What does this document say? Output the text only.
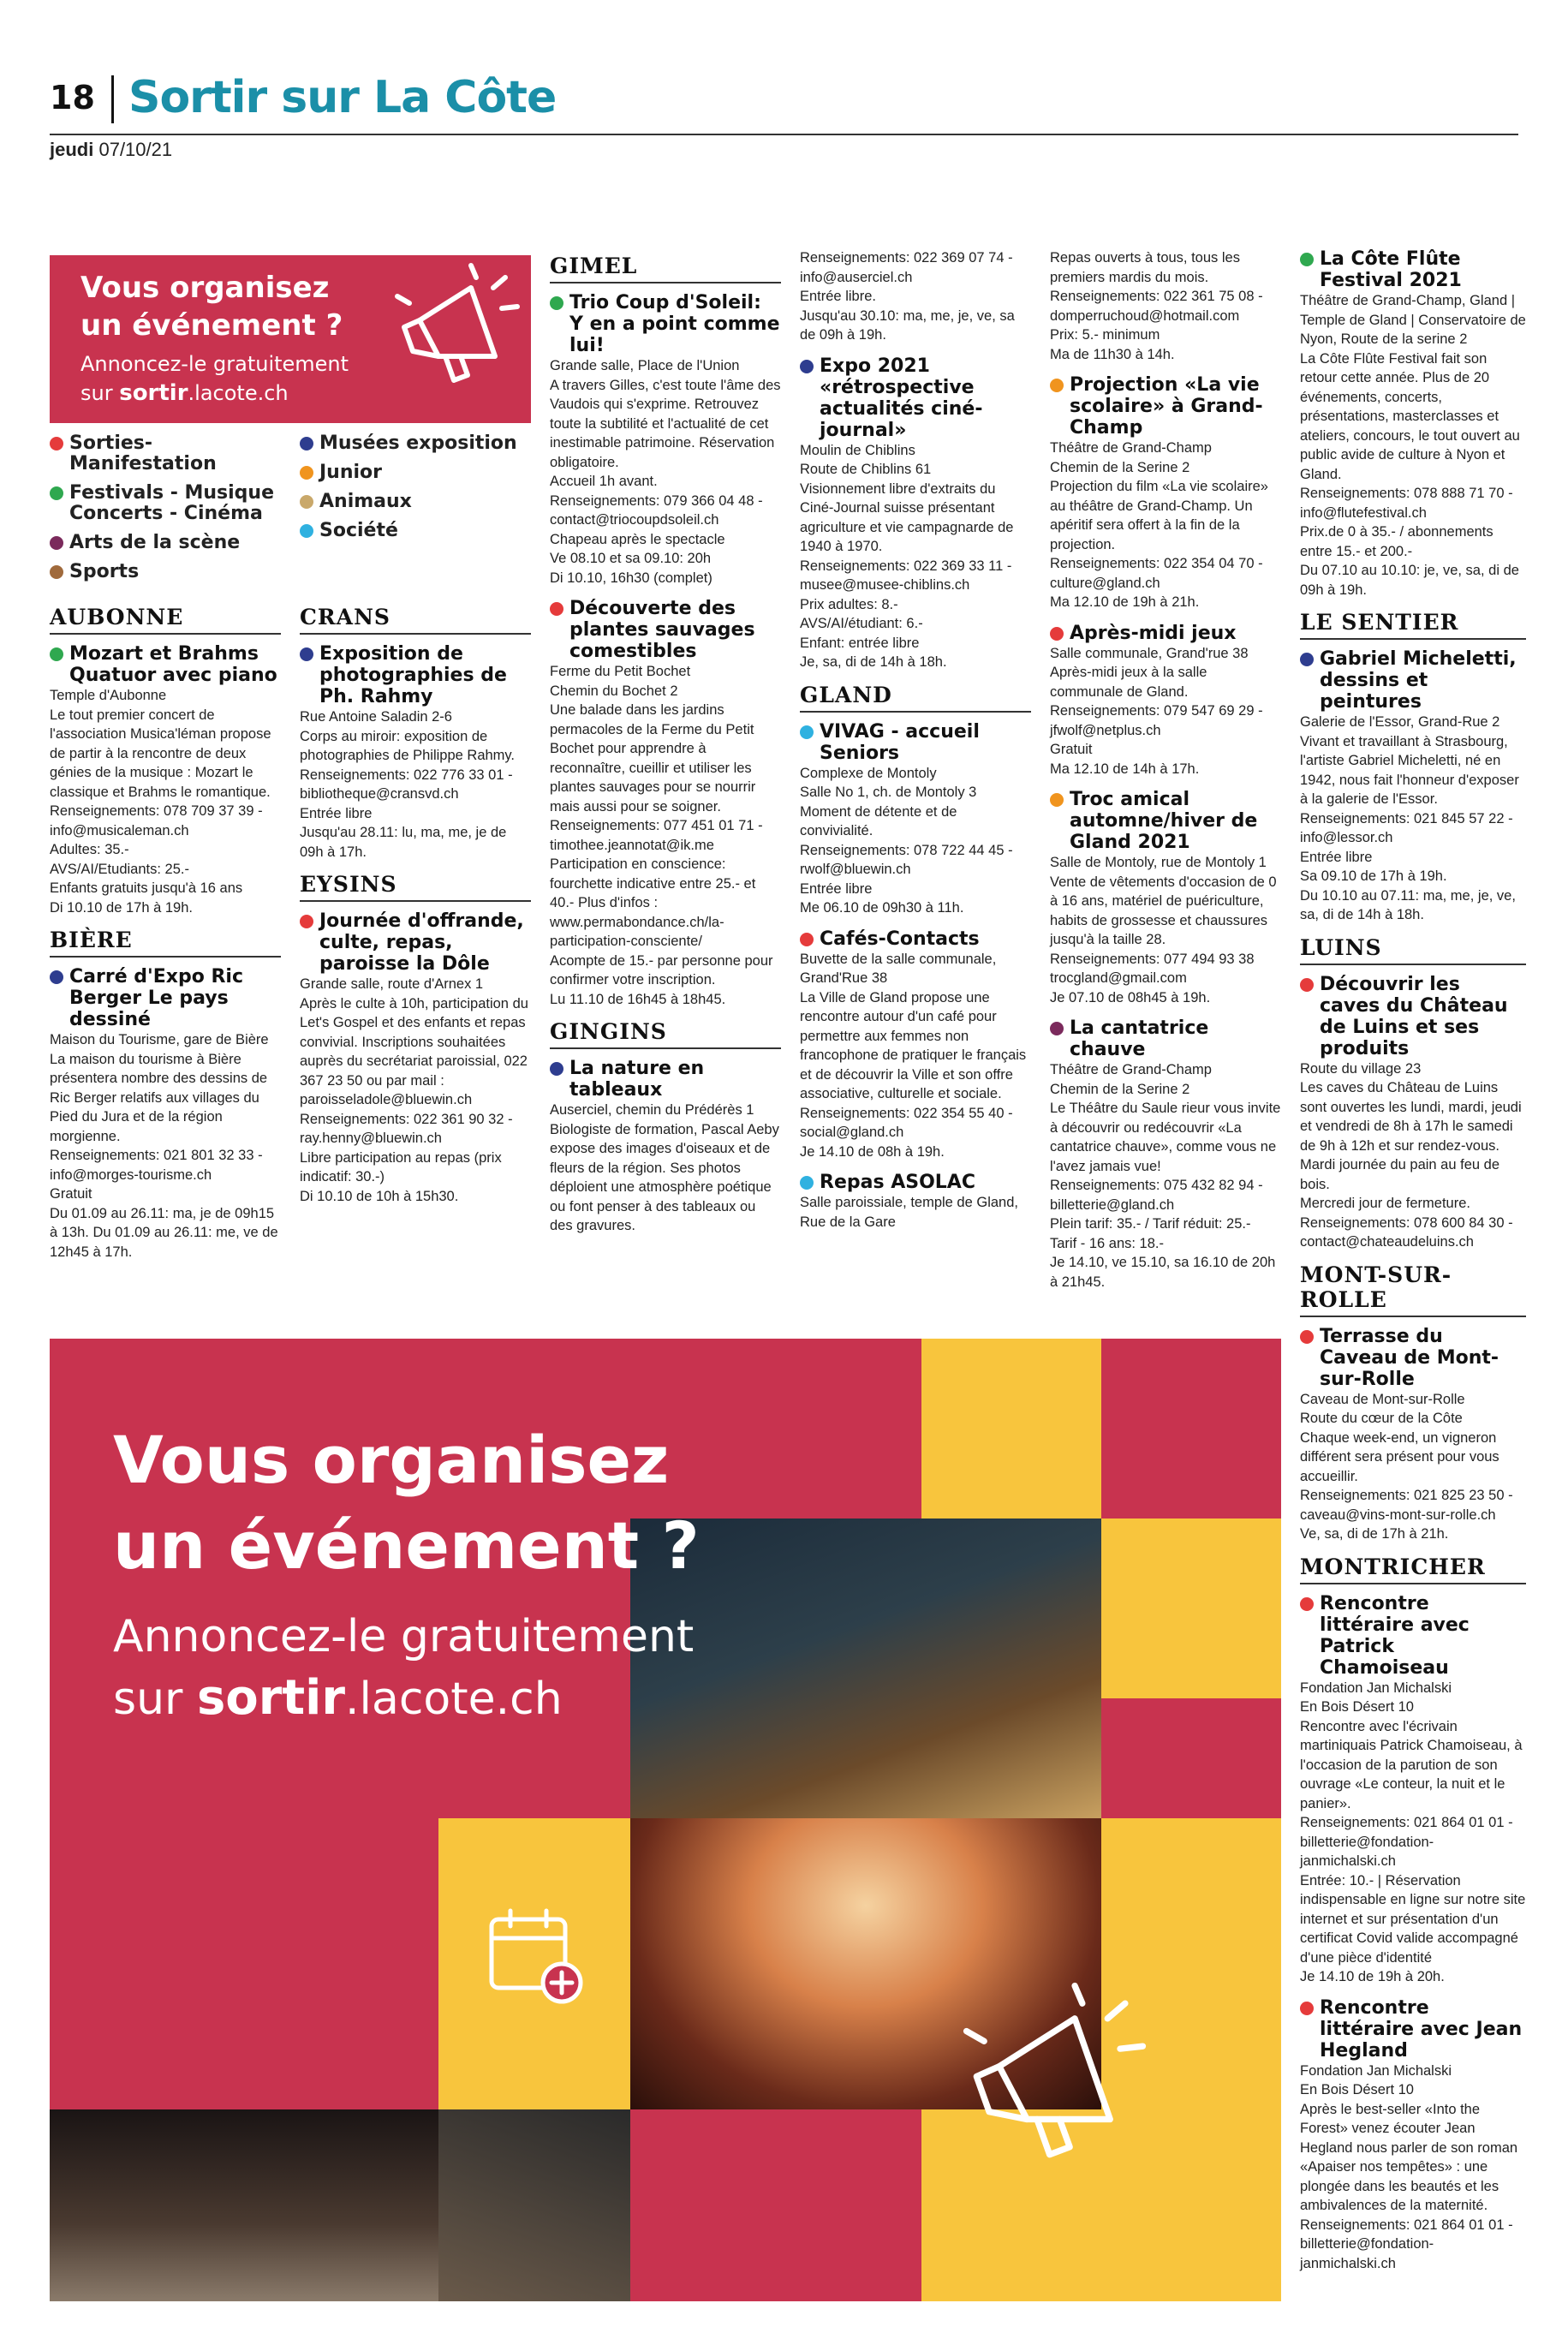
18 Sortir sur La Côte
jeudi 07/10/21
Vous organisez un événement ?
Annoncez-le gratuitement
sur sortir.lacote.ch
Sorties-Manifestation
Festivals - Musique Concerts - Cinéma
Arts de la scène
Sports
Musées exposition
Junior
Animaux
Société
AUBONNE
Mozart et Brahms Quatuor avec piano
Temple d'Aubonne
Le tout premier concert de l'association Musica'léman propose de partir à la rencontre de deux génies de la musique : Mozart le classique et Brahms le romantique.
Renseignements: 078 709 37 39 - info@musicaleman.ch
Adultes: 35.-
AVS/AI/Etudiants: 25.-
Enfants gratuits jusqu'à 16 ans
Di 10.10 de 17h à 19h.
BIÈRE
Carré d'Expo Ric Berger Le pays dessiné
Maison du Tourisme, gare de Bière
La maison du tourisme à Bière présentera nombre des dessins de Ric Berger relatifs aux villages du Pied du Jura et de la région morgienne.
Renseignements: 021 801 32 33 - info@morges-tourisme.ch
Gratuit
Du 01.09 au 26.11: ma, je de 09h15 à 13h. Du 01.09 au 26.11: me, ve de 12h45 à 17h.
CRANS
Exposition de photographies de Ph. Rahmy
Rue Antoine Saladin 2-6
Corps au miroir: exposition de photographies de Philippe Rahmy.
Renseignements: 022 776 33 01 - bibliotheque@cransvd.ch
Entrée libre
Jusqu'au 28.11: lu, ma, me, je de 09h à 17h.
EYSINS
Journée d'offrande, culte, repas, paroisse la Dôle
Grande salle, route d'Arnex 1
Après le culte à 10h, participation du Let's Gospel et des enfants et repas convivial. Inscriptions souhaitées auprès du secrétariat paroissial, 022 367 23 50 ou par mail : paroisseladole@bluewin.ch
Renseignements: 022 361 90 32 - ray.henny@bluewin.ch
Libre participation au repas (prix indicatif: 30.-)
Di 10.10 de 10h à 15h30.
GIMEL
Trio Coup d'Soleil: Y en a point comme lui!
Grande salle, Place de l'Union
A travers Gilles, c'est toute l'âme des Vaudois qui s'exprime. Retrouvez toute la subtilité et l'actualité de cet inestimable patrimoine. Réservation obligatoire.
Accueil 1h avant.
Renseignements: 079 366 04 48 - contact@triocoupdsoleil.ch
Chapeau après le spectacle
Ve 08.10 et sa 09.10: 20h
Di 10.10, 16h30 (complet)
Découverte des plantes sauvages comestibles
Ferme du Petit Bochet
Chemin du Bochet 2
Une balade dans les jardins permacoles de la Ferme du Petit Bochet pour apprendre à reconnaître, cueillir et utiliser les plantes sauvages pour se nourrir mais aussi pour se soigner.
Renseignements: 077 451 01 71 - timothee.jeannotat@ik.me
Participation en conscience: fourchette indicative entre 25.- et 40.- Plus d'infos : www.permabondance.ch/la-participation-consciente/
Acompte de 15.- par personne pour confirmer votre inscription.
Lu 11.10 de 16h45 à 18h45.
GINGINS
La nature en tableaux
Auserciel, chemin du Prédérès 1
Biologiste de formation, Pascal Aeby expose des images d'oiseaux et de fleurs de la région. Ses photos déploient une atmosphère poétique ou font penser à des tableaux ou des gravures.
Renseignements: 022 369 07 74 - info@auserciel.ch
Entrée libre.
Jusqu'au 30.10: ma, me, je, ve, sa de 09h à 19h.
Expo 2021 «rétrospective actualités ciné-journal»
Moulin de Chiblins
Route de Chiblins 61
Visionnement libre d'extraits du Ciné-Journal suisse présentant agriculture et vie campagnarde de 1940 à 1970.
Renseignements: 022 369 33 11 - musee@musee-chiblins.ch
Prix adultes: 8.-
AVS/AI/étudiant: 6.-
Enfant: entrée libre
Je, sa, di de 14h à 18h.
GLAND
VIVAG - accueil Seniors
Complexe de Montoly
Salle No 1, ch. de Montoly 3
Moment de détente et de convivialité.
Renseignements: 078 722 44 45 - rwolf@bluewin.ch
Entrée libre
Me 06.10 de 09h30 à 11h.
Cafés-Contacts
Buvette de la salle communale, Grand'Rue 38
La Ville de Gland propose une rencontre autour d'un café pour permettre aux femmes non francophone de pratiquer le français et de découvrir la Ville et son offre associative, culturelle et sociale.
Renseignements: 022 354 55 40 - social@gland.ch
Je 14.10 de 08h à 19h.
Repas ASOLAC
Salle paroissiale, temple de Gland, Rue de la Gare
Repas ouverts à tous, tous les premiers mardis du mois.
Renseignements: 022 361 75 08 - domperruchoud@hotmail.com
Prix: 5.- minimum
Ma de 11h30 à 14h.
Projection «La vie scolaire» à Grand-Champ
Théâtre de Grand-Champ
Chemin de la Serine 2
Projection du film «La vie scolaire» au théâtre de Grand-Champ. Un apéritif sera offert à la fin de la projection.
Renseignements: 022 354 04 70 - culture@gland.ch
Ma 12.10 de 19h à 21h.
Après-midi jeux
Salle communale, Grand'rue 38
Après-midi jeux à la salle communale de Gland.
Renseignements: 079 547 69 29 - jfwolf@netplus.ch
Gratuit
Ma 12.10 de 14h à 17h.
Troc amical automne/hiver de Gland 2021
Salle de Montoly, rue de Montoly 1
Vente de vêtements d'occasion de 0 à 16 ans, matériel de puériculture, habits de grossesse et chaussures jusqu'à la taille 28.
Renseignements: 077 494 93 38 trocgland@gmail.com
Je 07.10 de 08h45 à 19h.
La cantatrice chauve
Théâtre de Grand-Champ
Chemin de la Serine 2
Le Théâtre du Saule rieur vous invite à découvrir ou redécouvrir «La cantatrice chauve», comme vous ne l'avez jamais vue!
Renseignements: 075 432 82 94 - billetterie@gland.ch
Plein tarif: 35.- / Tarif réduit: 25.-
Tarif - 16 ans: 18.-
Je 14.10, ve 15.10, sa 16.10 de 20h à 21h45.
La Côte Flûte Festival 2021
Théâtre de Grand-Champ, Gland | Temple de Gland | Conservatoire de Nyon, Route de la serine 2
La Côte Flûte Festival fait son retour cette année. Plus de 20 événements, concerts, présentations, masterclasses et ateliers, concours, le tout ouvert au public avide de culture à Nyon et Gland.
Renseignements: 078 888 71 70 - info@flutefestival.ch
Prix.de 0 à 35.- / abonnements entre 15.- et 200.-
Du 07.10 au 10.10: je, ve, sa, di de 09h à 19h.
LE SENTIER
Gabriel Micheletti, dessins et peintures
Galerie de l'Essor, Grand-Rue 2
Vivant et travaillant à Strasbourg, l'artiste Gabriel Micheletti, né en 1942, nous fait l'honneur d'exposer à la galerie de l'Essor.
Renseignements: 021 845 57 22 - info@lessor.ch
Entrée libre
Sa 09.10 de 17h à 19h.
Du 10.10 au 07.11: ma, me, je, ve, sa, di de 14h à 18h.
LUINS
Découvrir les caves du Château de Luins et ses produits
Route du village 23
Les caves du Château de Luins sont ouvertes les lundi, mardi, jeudi et vendredi de 8h à 17h le samedi de 9h à 12h et sur rendez-vous.
Mardi journée du pain au feu de bois.
Mercredi jour de fermeture.
Renseignements: 078 600 84 30 - contact@chateaudeluins.ch
MONT-SUR-ROLLE
Terrasse du Caveau de Mont-sur-Rolle
Caveau de Mont-sur-Rolle
Route du cœur de la Côte
Chaque week-end, un vigneron différent sera présent pour vous accueillir.
Renseignements: 021 825 23 50 - caveau@vins-mont-sur-rolle.ch
Ve, sa, di de 17h à 21h.
MONTRICHER
Rencontre littéraire avec Patrick Chamoiseau
Fondation Jan Michalski
En Bois Désert 10
Rencontre avec l'écrivain martiniquais Patrick Chamoiseau, à l'occasion de la parution de son ouvrage «Le conteur, la nuit et le panier».
Renseignements: 021 864 01 01 - billetterie@fondation-janmichalski.ch
Entrée: 10.- | Réservation indispensable en ligne sur notre site internet et sur présentation d'un certificat Covid valide accompagné d'une pièce d'identité
Je 14.10 de 19h à 20h.
Rencontre littéraire avec Jean Hegland
Fondation Jan Michalski
En Bois Désert 10
Après le best-seller «Into the Forest» venez écouter Jean Hegland nous parler de son roman «Apaiser nos tempêtes» : une plongée dans les beautés et les ambivalences de la maternité.
Renseignements: 021 864 01 01 - billetterie@fondation-janmichalski.ch
Vous organisez
un événement ?
Annoncez-le gratuitement
sur sortir.lacote.ch
